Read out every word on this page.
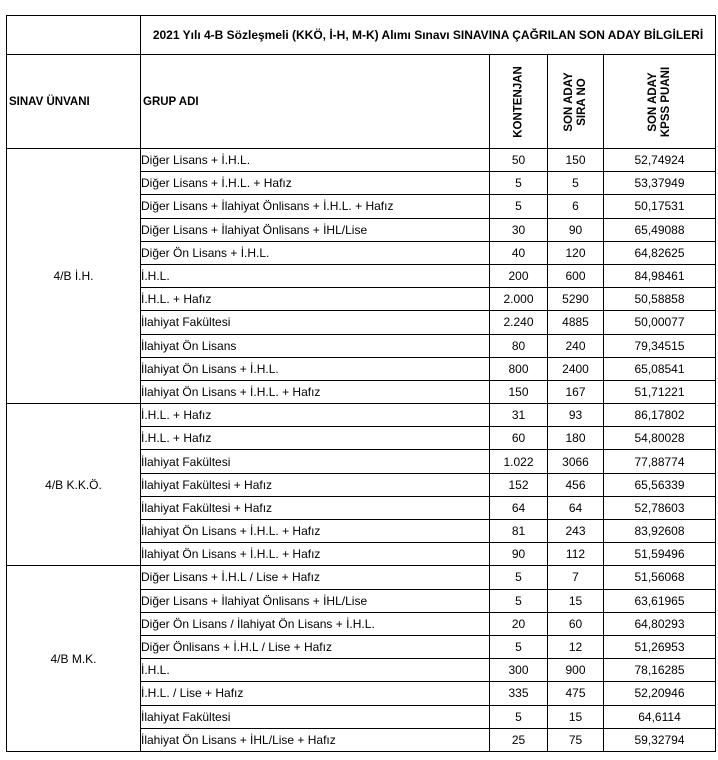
	2021 Yılı 4-B Sözleşmeli (KKÖ, İ-H, M-K) Alımı Sınavı SINAVINA ÇAĞRILAN SON ADAY BİLGİLERİ			
SINAV ÜNVANI	GRUP ADI	KONTENJAN	SON ADAY SIRA NO	SON ADAY KPSS PUANI

4/B İ.H.	Diğer Lisans + İ.H.L.	50	150	52,74924
	Diğer Lisans + İ.H.L. + Hafız	5	5	53,37949
	Diğer Lisans + İlahiyat Önlisans + İ.H.L. + Hafız	5	6	50,17531
	Diğer Lisans + İlahiyat Önlisans + İHL/Lise	30	90	65,49088
	Diğer Ön Lisans + İ.H.L.	40	120	64,82625
	İ.H.L.	200	600	84,98461
	İ.H.L. + Hafız	2.000	5290	50,58858
	İlahiyat Fakültesi	2.240	4885	50,00077
	İlahiyat Ön Lisans	80	240	79,34515
	İlahiyat Ön Lisans + İ.H.L.	800	2400	65,08541
	İlahiyat Ön Lisans + İ.H.L. + Hafız	150	167	51,71221
4/B K.K.Ö.	İ.H.L. + Hafız	31	93	86,17802
	İ.H.L. + Hafız	60	180	54,80028
	İlahiyat Fakültesi	1.022	3066	77,88774
	İlahiyat Fakültesi + Hafız	152	456	65,56339
	İlahiyat Fakültesi + Hafız	64	64	52,78603
	İlahiyat Ön Lisans + İ.H.L. + Hafız	81	243	83,92608
	İlahiyat Ön Lisans + İ.H.L. + Hafız	90	112	51,59496
4/B M.K.	Diğer Lisans + İ.H.L / Lise + Hafız	5	7	51,56068
	Diğer Lisans + İlahiyat Önlisans + İHL/Lise	5	15	63,61965
	Diğer Ön Lisans / İlahiyat Ön Lisans + İ.H.L.	20	60	64,80293
	Diğer Önlisans + İ.H.L / Lise + Hafız	5	12	51,26953
	İ.H.L.	300	900	78,16285
	İ.H.L. / Lise + Hafız	335	475	52,20946
	İlahiyat Fakültesi	5	15	64,6114
	İlahiyat Ön Lisans + İHL/Lise + Hafız	25	75	59,32794
